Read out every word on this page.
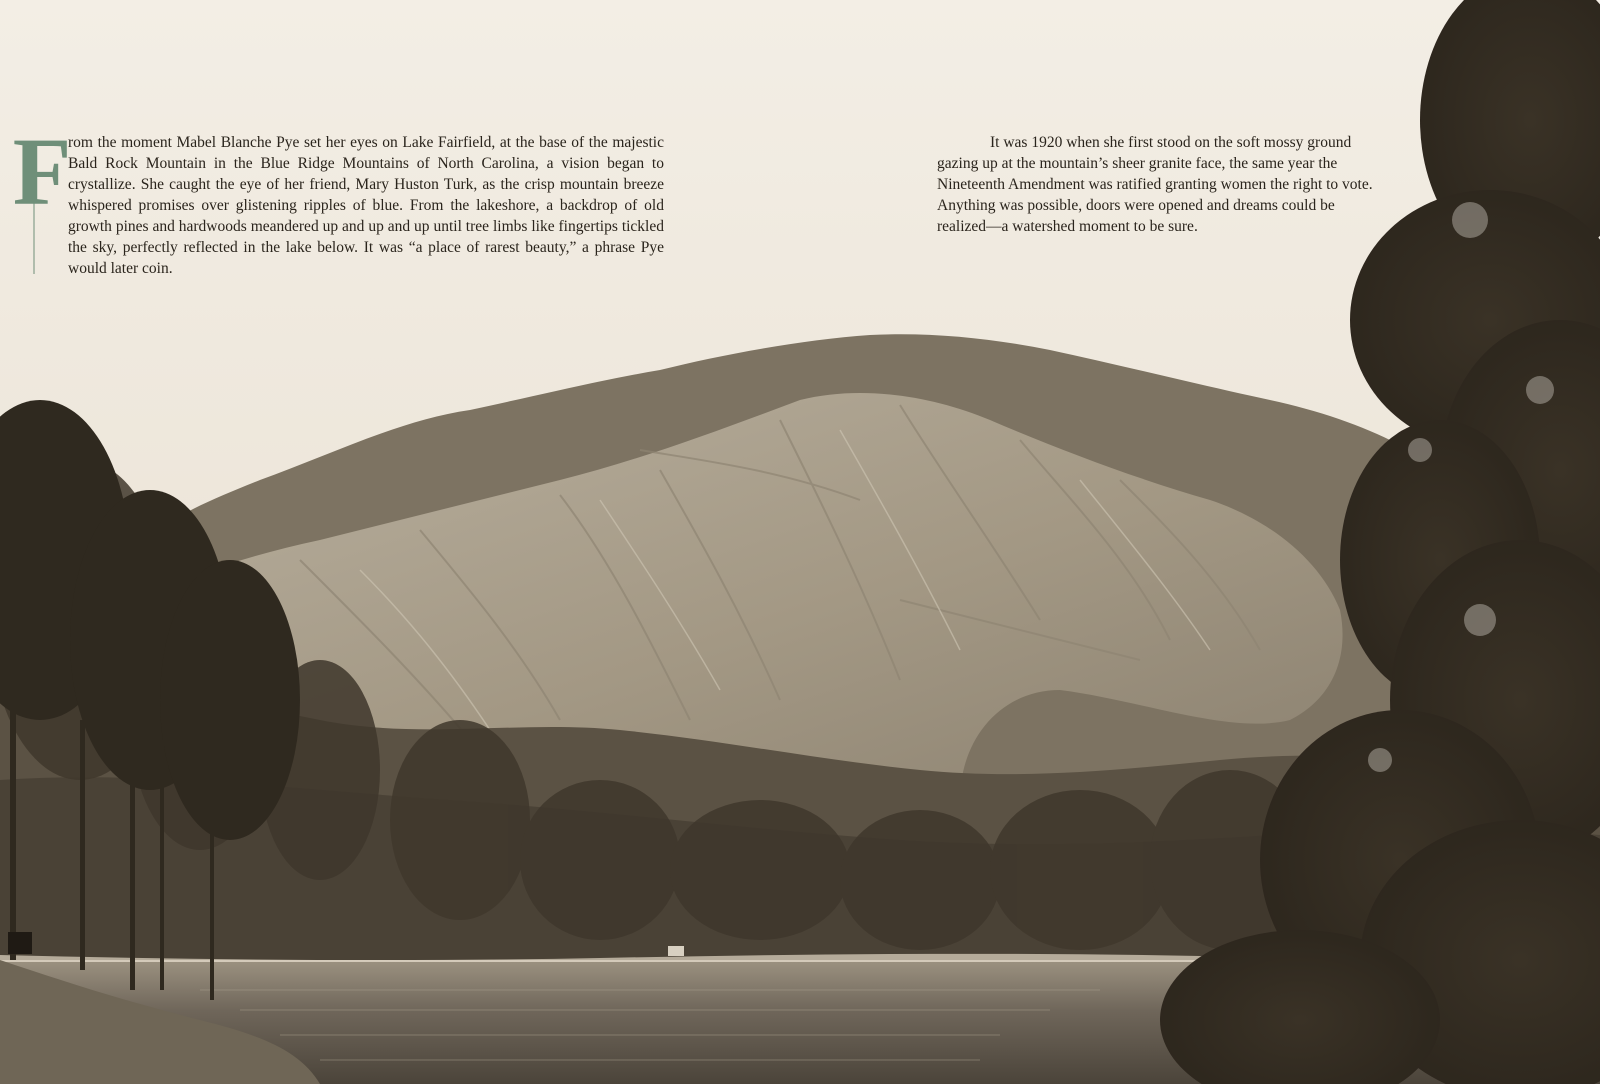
F

rom the moment Mabel Blanche Pye set her eyes on Lake Fairfield, at the base of the majestic Bald Rock Mountain in the Blue Ridge Mountains of North Carolina, a vision began to crystallize. She caught the eye of her friend, Mary Huston Turk, as the crisp mountain breeze whispered promises over glistening ripples of blue. From the lakeshore, a backdrop of old growth pines and hardwoods meandered up and up and up until tree limbs like fingertips tickled the sky, perfectly reflected in the lake below. It was “a place of rarest beauty,” a phrase Pye would later coin.

It was 1920 when she first stood on the soft mossy ground gazing up at the mountain’s sheer granite face, the same year the Nineteenth Amendment was ratified granting women the right to vote. Anything was possible, doors were opened and dreams could be realized—a watershed moment to be sure.
